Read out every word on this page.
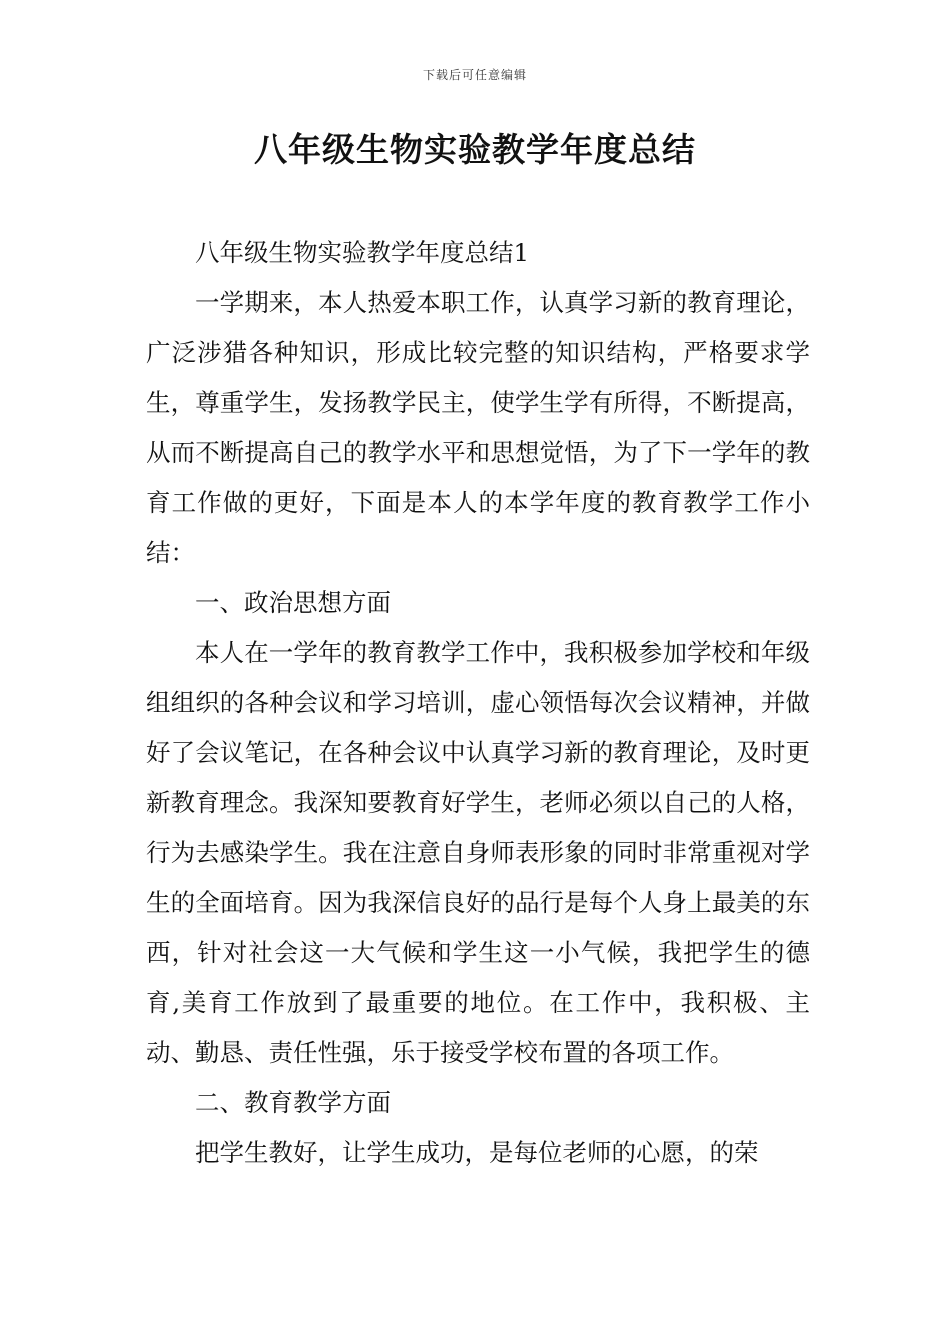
下载后可任意编辑
八年级生物实验教学年度总结

八年级生物实验教学年度总结1

一学期来，本人热爱本职工作，认真学习新的教育理论，广泛涉猎各种知识，形成比较完整的知识结构，严格要求学生，尊重学生，发扬教学民主，使学生学有所得，不断提高，从而不断提高自己的教学水平和思想觉悟，为了下一学年的教育工作做的更好，下面是本人的本学年度的教育教学工作小结：

一、政治思想方面

本人在一学年的教育教学工作中，我积极参加学校和年级组组织的各种会议和学习培训，虚心领悟每次会议精神，并做好了会议笔记，在各种会议中认真学习新的教育理论，及时更新教育理念。我深知要教育好学生，老师必须以自己的人格，行为去感染学生。我在注意自身师表形象的同时非常重视对学生的全面培育。因为我深信良好的品行是每个人身上最美的东西，针对社会这一大气候和学生这一小气候，我把学生的德育,美育工作放到了最重要的地位。在工作中，我积极、主动、勤恳、责任性强，乐于接受学校布置的各项工作。

二、教育教学方面

把学生教好，让学生成功，是每位老师的心愿，的荣
